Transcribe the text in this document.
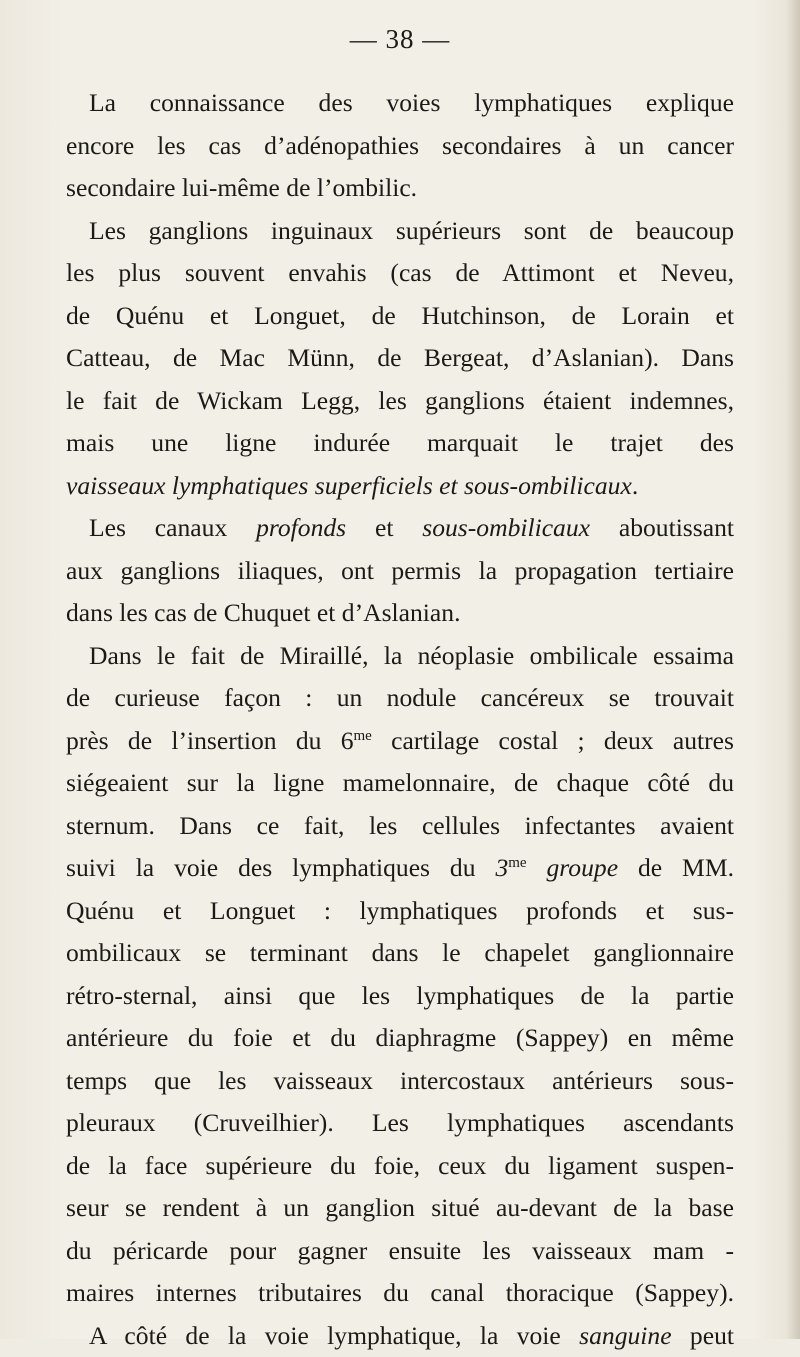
— 38 —
La connaissance des voies lymphatiques explique
encore les cas d’adénopathies secondaires à un cancer
secondaire lui-même de l’ombilic.
Les ganglions inguinaux supérieurs sont de beaucoup
les plus souvent envahis (cas de Attimont et Neveu,
de Quénu et Longuet, de Hutchinson, de Lorain et
Catteau, de Mac Münn, de Bergeat, d’Aslanian). Dans
le fait de Wickam Legg, les ganglions étaient indemnes,
mais une ligne indurée marquait le trajet des
vaisseaux lymphatiques superficiels et sous-ombilicaux.
Les canaux profonds et sous-ombilicaux aboutissant
aux ganglions iliaques, ont permis la propagation tertiaire
dans les cas de Chuquet et d’Aslanian.
Dans le fait de Miraillé, la néoplasie ombilicale essaima
de curieuse façon : un nodule cancéreux se trouvait
près de l’insertion du $6^{me}$ cartilage costal ; deux autres
siégeaient sur la ligne mamelonnaire, de chaque côté du
sternum. Dans ce fait, les cellules infectantes avaient
suivi la voie des lymphatiques du $3^{me}$ groupe de MM.
Quénu et Longuet : lymphatiques profonds et sus-
ombilicaux se terminant dans le chapelet ganglionnaire
rétro-sternal, ainsi que les lymphatiques de la partie
antérieure du foie et du diaphragme (Sappey) en même
temps que les vaisseaux intercostaux antérieurs sous-
pleuraux (Cruveilhier). Les lymphatiques ascendants
de la face supérieure du foie, ceux du ligament suspen-
seur se rendent à un ganglion situé au-devant de la base
du péricarde pour gagner ensuite les vaisseaux mam -
maires internes tributaires du canal thoracique (Sappey).
A côté de la voie lymphatique, la voie sanguine peut
